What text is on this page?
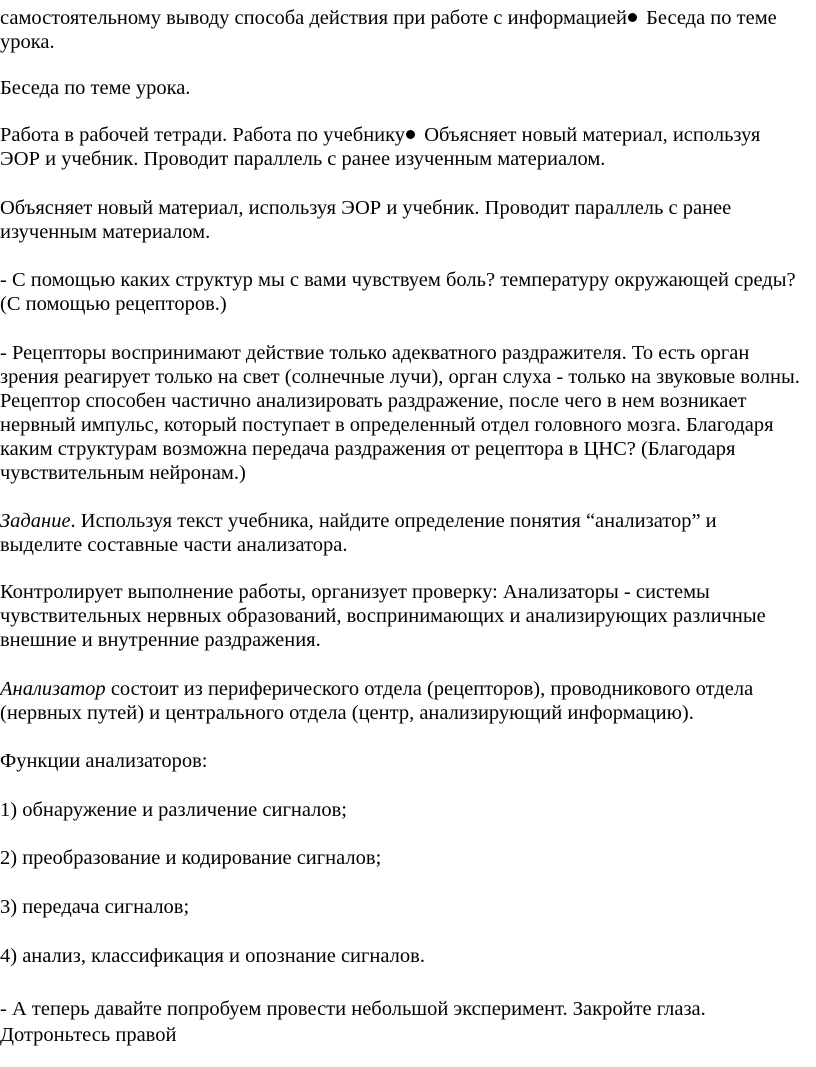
самостоятельному выводу способа действия при работе с информацией Беседа по теме урока.

Беседа по теме урока.

Работа в рабочей тетради. Работа по учебнику Объясняет новый материал, используя ЭОР и учебник. Проводит параллель с ранее изученным материалом.

Объясняет новый материал, используя ЭОР и учебник. Проводит параллель с ранее изученным материалом.

- С помощью каких структур мы с вами чувствуем боль? температуру окружающей среды? (С помощью рецепторов.)

- Рецепторы воспринимают действие только адекватного раздражителя. То есть орган зрения реагирует только на свет (солнечные лучи), орган слуха - только на звуковые волны. Рецептор способен частично анализировать раздражение, после чего в нем возникает нервный импульс, который поступает в определенный отдел головного мозга. Благодаря каким структурам возможна передача раздражения от рецептора в ЦНС? (Благодаря чувствительным нейронам.)

Задание. Используя текст учебника, найдите определение понятия “анализатор” и выделите составные части анализатора.

Контролирует выполнение работы, организует проверку: Анализаторы - системы чувствительных нервных образований, воспринимающих и анализирующих различные внешние и внутренние раздражения.

Анализатор состоит из периферического отдела (рецепторов), проводникового отдела (нервных путей) и центрального отдела (центр, анализирующий информацию).

Функции анализаторов:

1) обнаружение и различение сигналов;

2) преобразование и кодирование сигналов;

3) передача сигналов;

4) анализ, классификация и опознание сигналов.

- А теперь давайте попробуем провести небольшой эксперимент. Закройте глаза. Дотроньтесь правой
